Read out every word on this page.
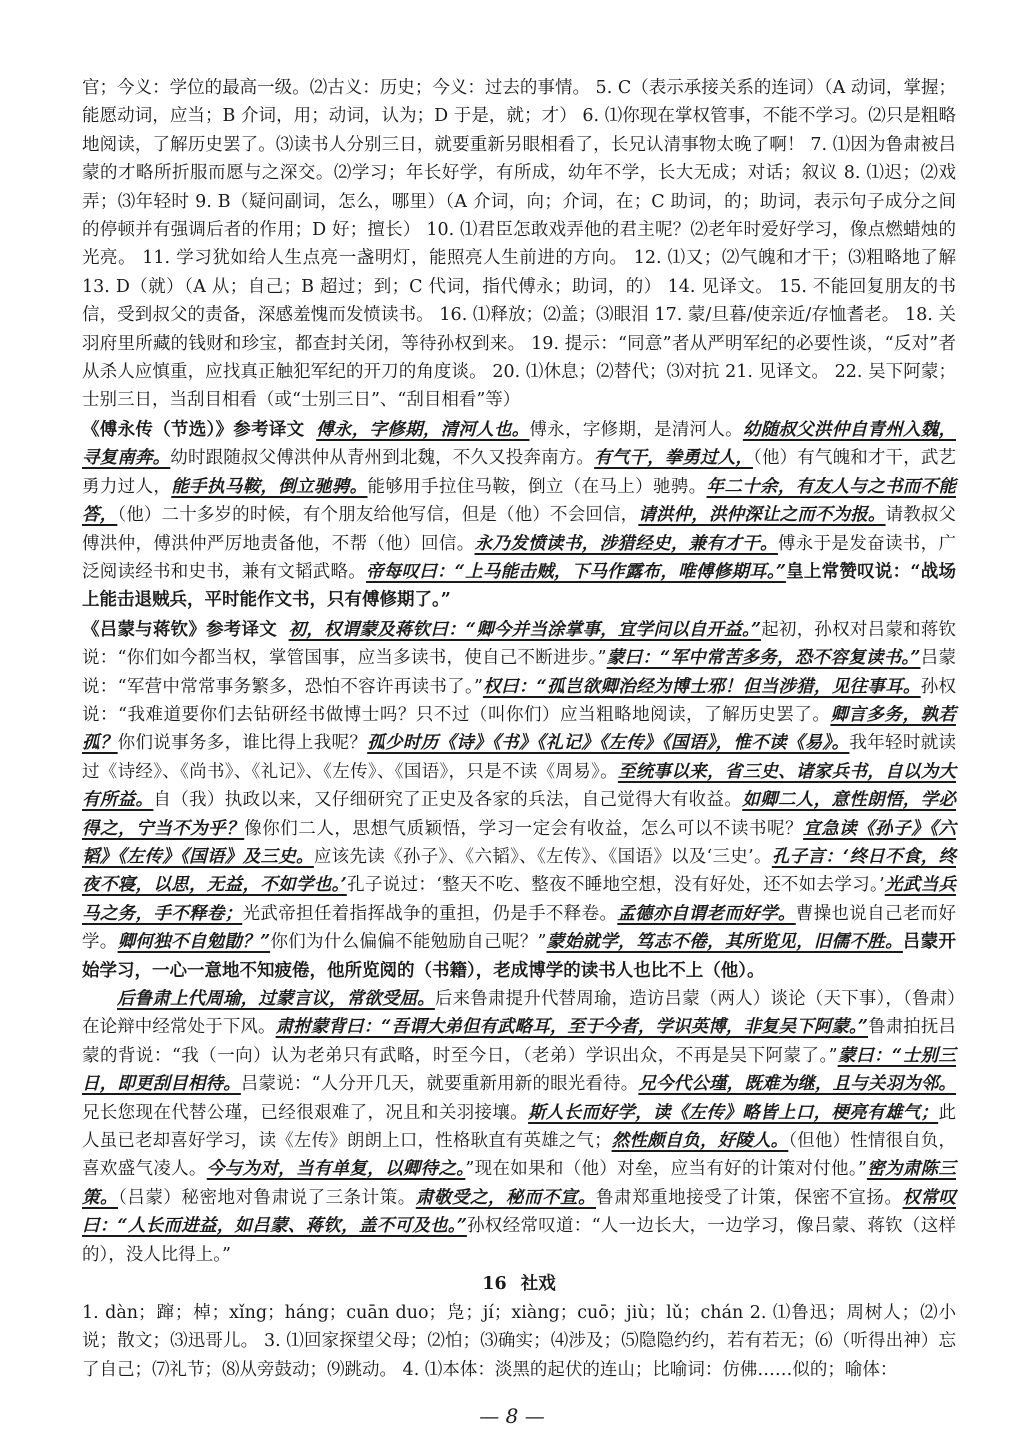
官；今义：学位的最高一级。⑵古义：历史；今义：过去的事情。 5. C（表示承接关系的连词）（A 动词，掌握；能愿动词，应当；B 介词，用；动词，认为；D 于是，就；才） 6. ⑴你现在掌权管事，不能不学习。⑵只是粗略地阅读，了解历史罢了。⑶读书人分别三日，就要重新另眼相看了，长兄认清事物太晚了啊！ 7. ⑴因为鲁肃被吕蒙的才略所折服而愿与之深交。⑵学习；年长好学，有所成，幼年不学，长大无成；对话；叙议 8. ⑴迟；⑵戏弄；⑶年轻时 9. B（疑问副词，怎么，哪里）（A 介词，向；介词，在；C 助词，的；助词，表示句子成分之间的停顿并有强调后者的作用；D 好；擅长） 10. ⑴君臣怎敢戏弄他的君主呢？⑵老年时爱好学习，像点燃蜡烛的光亮。 11. 学习犹如给人生点亮一盏明灯，能照亮人生前进的方向。 12. ⑴又；⑵气魄和才干；⑶粗略地了解 13. D（就）（A 从；自己；B 超过；到；C 代词，指代傅永；助词，的） 14. 见译文。 15. 不能回复朋友的书信，受到叔父的责备，深感羞愧而发愤读书。 16. ⑴释放；⑵盖；⑶眼泪 17. 蒙/旦暮/使亲近/存恤耆老。 18. 关羽府里所藏的钱财和珍宝，都查封关闭，等待孙权到来。 19. 提示：“同意”者从严明军纪的必要性谈，“反对”者从杀人应慎重，应找真正触犯军纪的开刀的角度谈。 20. ⑴休息；⑵替代；⑶对抗 21. 见译文。 22. 吴下阿蒙；士别三日，当刮目相看（或“士别三日”、“刮目相看”等）

《傅永传（节选）》参考译文 傅永，字修期，清河人也。傅永，字修期，是清河人。幼随叔父洪仲自青州入魏，寻复南奔。幼时跟随叔父傅洪仲从青州到北魏，不久又投奔南方。有气干，拳勇过人，（他）有气魄和才干，武艺勇力过人，能手执马鞍，倒立驰骋。能够用手拉住马鞍，倒立（在马上）驰骋。年二十余，有友人与之书而不能答，（他）二十多岁的时候，有个朋友给他写信，但是（他）不会回信，请洪仲，洪仲深让之而不为报。请教叔父傅洪仲，傅洪仲严厉地责备他，不帮（他）回信。永乃发愤读书，涉猎经史，兼有才干。傅永于是发奋读书，广泛阅读经书和史书，兼有文韬武略。帝每叹曰：“上马能击贼，下马作露布，唯傅修期耳。”皇上常赞叹说：“战场上能击退贼兵，平时能作文书，只有傅修期了。”

《吕蒙与蒋钦》参考译文 初，权谓蒙及蒋钦曰：“卿今并当涂掌事，宜学问以自开益。”起初，孙权对吕蒙和蒋钦说：“你们如今都当权，掌管国事，应当多读书，使自己不断进步。”蒙曰：“军中常苦多务，恐不容复读书。”吕蒙说：“军营中常常事务繁多，恐怕不容许再读书了。”权曰：“孤岂欲卿治经为博士邪！但当涉猎，见往事耳。孙权说：“我难道要你们去钻研经书做博士吗？只不过（叫你们）应当粗略地阅读，了解历史罢了。卿言多务，孰若孤？你们说事务多，谁比得上我呢？孤少时历《诗》《书》《礼记》《左传》《国语》，惟不读《易》。我年轻时就读过《诗经》、《尚书》、《礼记》、《左传》、《国语》，只是不读《周易》。至统事以来，省三史、诸家兵书，自以为大有所益。自（我）执政以来，又仔细研究了正史及各家的兵法，自己觉得大有收益。如卿二人，意性朗悟，学必得之，宁当不为乎？像你们二人，思想气质颖悟，学习一定会有收益，怎么可以不读书呢？宜急读《孙子》《六韬》《左传》《国语》及三史。应该先读《孙子》、《六韬》、《左传》、《国语》以及‘三史’。孔子言：‘终日不食，终夜不寝，以思，无益，不如学也。’孔子说过：‘整天不吃、整夜不睡地空想，没有好处，还不如去学习。’光武当兵马之务，手不释卷；光武帝担任着指挥战争的重担，仍是手不释卷。孟德亦自谓老而好学。曹操也说自己老而好学。卿何独不自勉勖？”你们为什么偏偏不能勉励自己呢？”蒙始就学，笃志不倦，其所览见，旧儒不胜。吕蒙开始学习，一心一意地不知疲倦，他所览阅的（书籍），老成博学的读书人也比不上（他）。

后鲁肃上代周瑜，过蒙言议，常欲受屈。后来鲁肃提升代替周瑜，造访吕蒙（两人）谈论（天下事），（鲁肃）在论辩中经常处于下风。肃拊蒙背曰：“吾谓大弟但有武略耳，至于今者，学识英博，非复吴下阿蒙。”鲁肃拍抚吕蒙的背说：“我（一向）认为老弟只有武略，时至今日，（老弟）学识出众，不再是吴下阿蒙了。”蒙曰：“士别三日，即更刮目相待。吕蒙说：“人分开几天，就要重新用新的眼光看待。兄今代公瑾，既难为继，且与关羽为邻。兄长您现在代替公瑾，已经很艰难了，况且和关羽接壤。斯人长而好学，读《左传》略皆上口，梗亮有雄气；此人虽已老却喜好学习，读《左传》朗朗上口，性格耿直有英雄之气；然性颇自负，好陵人。（但他）性情很自负，喜欢盛气凌人。今与为对，当有单复，以卿待之。”现在如果和（他）对垒，应当有好的计策对付他。”密为肃陈三策。（吕蒙）秘密地对鲁肃说了三条计策。肃敬受之，秘而不宣。鲁肃郑重地接受了计策，保密不宣扬。权常叹曰：“人长而进益，如吕蒙、蒋钦，盖不可及也。”孙权经常叹道：“人一边长大，一边学习，像吕蒙、蒋钦（这样的），没人比得上。”

16 社戏

1. dàn；蹿；棹；xǐng；háng；cuān duo；凫；jí；xiàng；cuō；jiù；lǔ；chán 2. ⑴鲁迅；周树人；⑵小说；散文；⑶迅哥儿。 3. ⑴回家探望父母；⑵怕；⑶确实；⑷涉及；⑸隐隐约约，若有若无；⑹（听得出神）忘了自己；⑺礼节；⑻从旁鼓动；⑼跳动。 4. ⑴本体：淡黑的起伏的连山；比喻词：仿佛……似的；喻体：

— 8 —
